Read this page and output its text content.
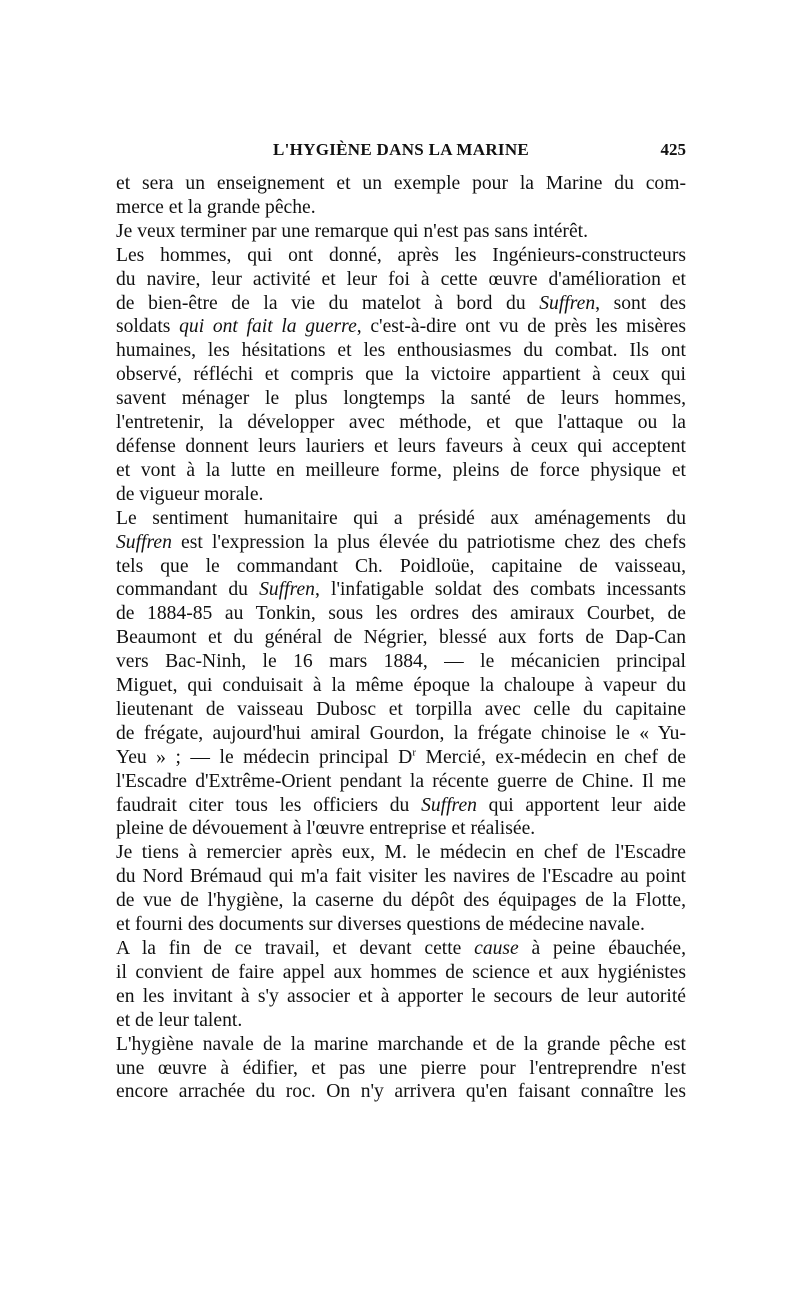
L'HYGIÈNE DANS LA MARINE	425

et sera un enseignement et un exemple pour la Marine du com-

merce et la grande pêche.

Je veux terminer par une remarque qui n'est pas sans intérêt.

Les hommes, qui ont donné, après les Ingénieurs-constructeurs

du navire, leur activité et leur foi à cette œuvre d'amélioration et

de bien-être de la vie du matelot à bord du Suffren, sont des

soldats qui ont fait la guerre, c'est-à-dire ont vu de près les misères

humaines, les hésitations et les enthousiasmes du combat. Ils ont

observé, réfléchi et compris que la victoire appartient à ceux qui

savent ménager le plus longtemps la santé de leurs hommes,

l'entretenir, la développer avec méthode, et que l'attaque ou la

défense donnent leurs lauriers et leurs faveurs à ceux qui acceptent

et vont à la lutte en meilleure forme, pleins de force physique et

de vigueur morale.

Le sentiment humanitaire qui a présidé aux aménagements du

Suffren est l'expression la plus élevée du patriotisme chez des chefs

tels que le commandant Ch. Poidloüe, capitaine de vaisseau,

commandant du Suffren, l'infatigable soldat des combats incessants

de 1884-85 au Tonkin, sous les ordres des amiraux Courbet, de

Beaumont et du général de Négrier, blessé aux forts de Dap-Can

vers Bac-Ninh, le 16 mars 1884, — le mécanicien principal

Miguet, qui conduisait à la même époque la chaloupe à vapeur du

lieutenant de vaisseau Dubosc et torpilla avec celle du capitaine

de frégate, aujourd'hui amiral Gourdon, la frégate chinoise le « Yu-

Yeu » ; — le médecin principal $D^r$ Mercié, ex-médecin en chef de

l'Escadre d'Extrême-Orient pendant la récente guerre de Chine. Il me

faudrait citer tous les officiers du Suffren qui apportent leur aide

pleine de dévouement à l'œuvre entreprise et réalisée.

Je tiens à remercier après eux, M. le médecin en chef de l'Escadre

du Nord Brémaud qui m'a fait visiter les navires de l'Escadre au point

de vue de l'hygiène, la caserne du dépôt des équipages de la Flotte,

et fourni des documents sur diverses questions de médecine navale.

A la fin de ce travail, et devant cette cause à peine ébauchée,

il convient de faire appel aux hommes de science et aux hygiénistes

en les invitant à s'y associer et à apporter le secours de leur autorité

et de leur talent.

L'hygiène navale de la marine marchande et de la grande pêche est

une œuvre à édifier, et pas une pierre pour l'entreprendre n'est

encore arrachée du roc. On n'y arrivera qu'en faisant connaître les
